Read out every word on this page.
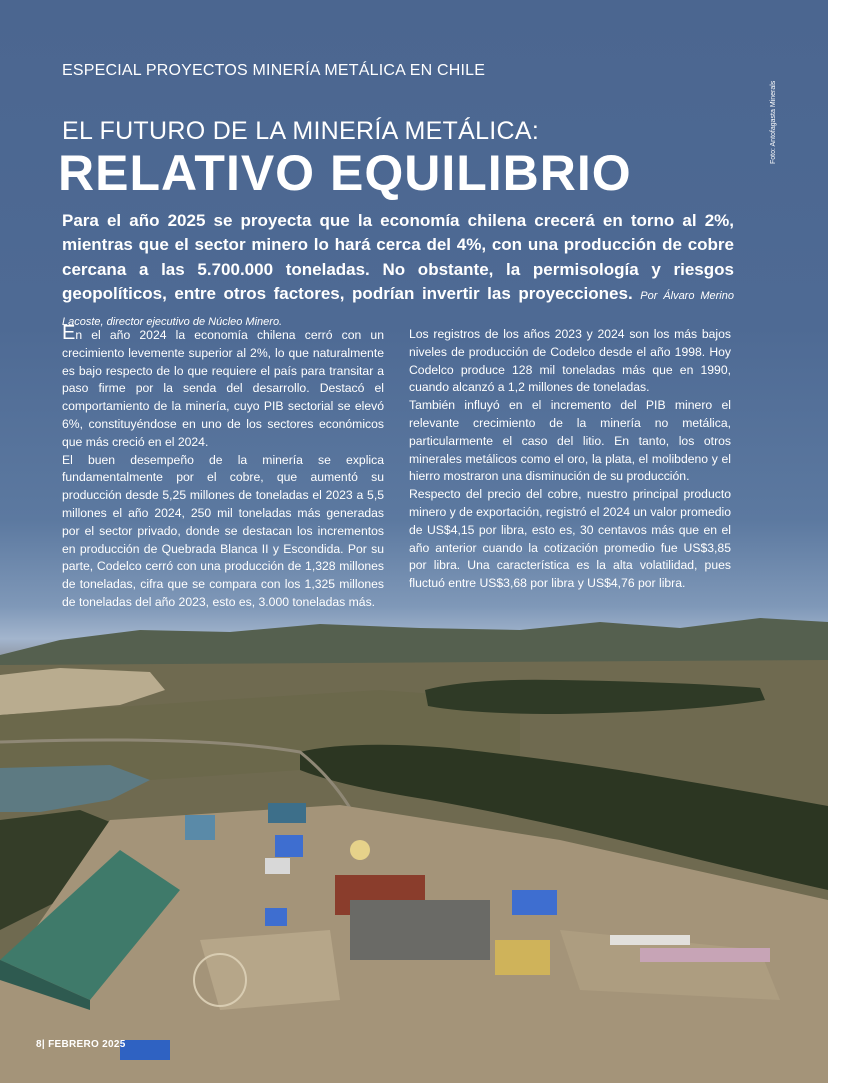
ESPECIAL PROYECTOS MINERÍA METÁLICA EN CHILE
EL FUTURO DE LA MINERÍA METÁLICA:
RELATIVO EQUILIBRIO
Foto: Antofagasta Minerals
Para el año 2025 se proyecta que la economía chilena crecerá en torno al 2%, mientras que el sector minero lo hará cerca del 4%, con una producción de cobre cercana a las 5.700.000 toneladas. No obstante, la permisología y riesgos geopolíticos, entre otros factores, podrían invertir las proyecciones. Por Álvaro Merino Lacoste, director ejecutivo de Núcleo Minero.

En el año 2024 la economía chilena cerró con un crecimiento levemente superior al 2%, lo que naturalmente es bajo respecto de lo que requiere el país para transitar a paso firme por la senda del desarrollo. Destacó el comportamiento de la minería, cuyo PIB sectorial se elevó 6%, constituyéndose en uno de los sectores económicos que más creció en el 2024.

El buen desempeño de la minería se explica fundamentalmente por el cobre, que aumentó su producción desde 5,25 millones de toneladas el 2023 a 5,5 millones el año 2024, 250 mil toneladas más generadas por el sector privado, donde se destacan los incrementos en producción de Quebrada Blanca II y Escondida. Por su parte, Codelco cerró con una producción de 1,328 millones de toneladas, cifra que se compara con los 1,325 millones de toneladas del año 2023, esto es, 3.000 toneladas más.

Los registros de los años 2023 y 2024 son los más bajos niveles de producción de Codelco desde el año 1998. Hoy Codelco produce 128 mil toneladas más que en 1990, cuando alcanzó a 1,2 millones de toneladas.

También influyó en el incremento del PIB minero el relevante crecimiento de la minería no metálica, particularmente el caso del litio. En tanto, los otros minerales metálicos como el oro, la plata, el molibdeno y el hierro mostraron una disminución de su producción.

Respecto del precio del cobre, nuestro principal producto minero y de exportación, registró el 2024 un valor promedio de US$4,15 por libra, esto es, 30 centavos más que en el año anterior cuando la cotización promedio fue US$3,85 por libra. Una característica es la alta volatilidad, pues fluctuó entre US$3,68 por libra y US$4,76 por libra.

8| FEBRERO 2025
